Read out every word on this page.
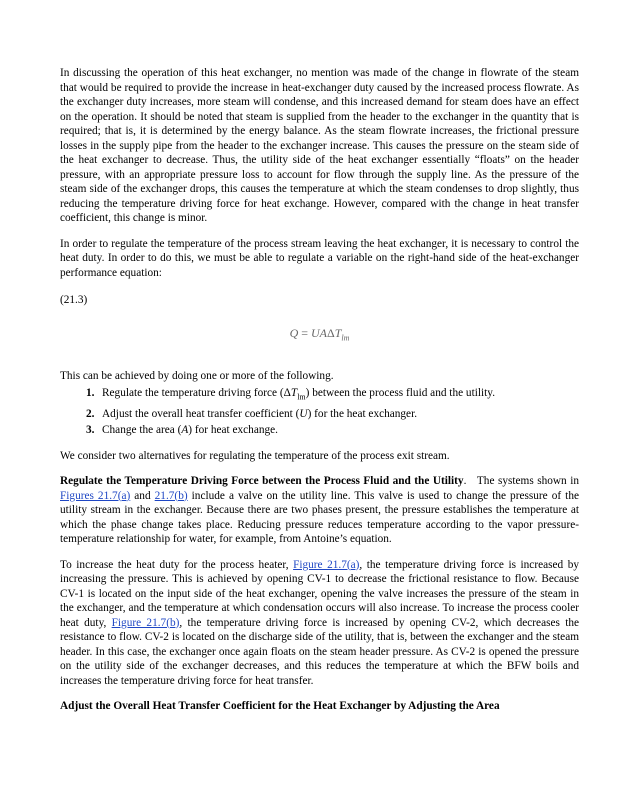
In discussing the operation of this heat exchanger, no mention was made of the change in flowrate of the steam that would be required to provide the increase in heat-exchanger duty caused by the increased process flowrate. As the exchanger duty increases, more steam will condense, and this increased demand for steam does have an effect on the operation. It should be noted that steam is supplied from the header to the exchanger in the quantity that is required; that is, it is determined by the energy balance. As the steam flowrate increases, the frictional pressure losses in the supply pipe from the header to the exchanger increase. This causes the pressure on the steam side of the heat exchanger to decrease. Thus, the utility side of the heat exchanger essentially “floats” on the header pressure, with an appropriate pressure loss to account for flow through the supply line. As the pressure of the steam side of the exchanger drops, this causes the temperature at which the steam condenses to drop slightly, thus reducing the temperature driving force for heat exchange. However, compared with the change in heat transfer coefficient, this change is minor.

In order to regulate the temperature of the process stream leaving the heat exchanger, it is necessary to control the heat duty. In order to do this, we must be able to regulate a variable on the right-hand side of the heat-exchanger performance equation:

(21.3)

$Q = UA\Delta T_{lm}$

This can be achieved by doing one or more of the following.

1. Regulate the temperature driving force $(\Delta T_{lm})$ between the process fluid and the utility.
2. Adjust the overall heat transfer coefficient (U) for the heat exchanger.
3. Change the area (A) for heat exchange.

We consider two alternatives for regulating the temperature of the process exit stream.

Regulate the Temperature Driving Force between the Process Fluid and the Utility. The systems shown in Figures 21.7(a) and 21.7(b) include a valve on the utility line. This valve is used to change the pressure of the utility stream in the exchanger. Because there are two phases present, the pressure establishes the temperature at which the phase change takes place. Reducing pressure reduces temperature according to the vapor pressure-temperature relationship for water, for example, from Antoine’s equation.

To increase the heat duty for the process heater, Figure 21.7(a), the temperature driving force is increased by increasing the pressure. This is achieved by opening CV-1 to decrease the frictional resistance to flow. Because CV-1 is located on the input side of the heat exchanger, opening the valve increases the pressure of the steam in the exchanger, and the temperature at which condensation occurs will also increase. To increase the process cooler heat duty, Figure 21.7(b), the temperature driving force is increased by opening CV-2, which decreases the resistance to flow. CV-2 is located on the discharge side of the utility, that is, between the exchanger and the steam header. In this case, the exchanger once again floats on the steam header pressure. As CV-2 is opened the pressure on the utility side of the exchanger decreases, and this reduces the temperature at which the BFW boils and increases the temperature driving force for heat transfer.

Adjust the Overall Heat Transfer Coefficient for the Heat Exchanger by Adjusting the Area
